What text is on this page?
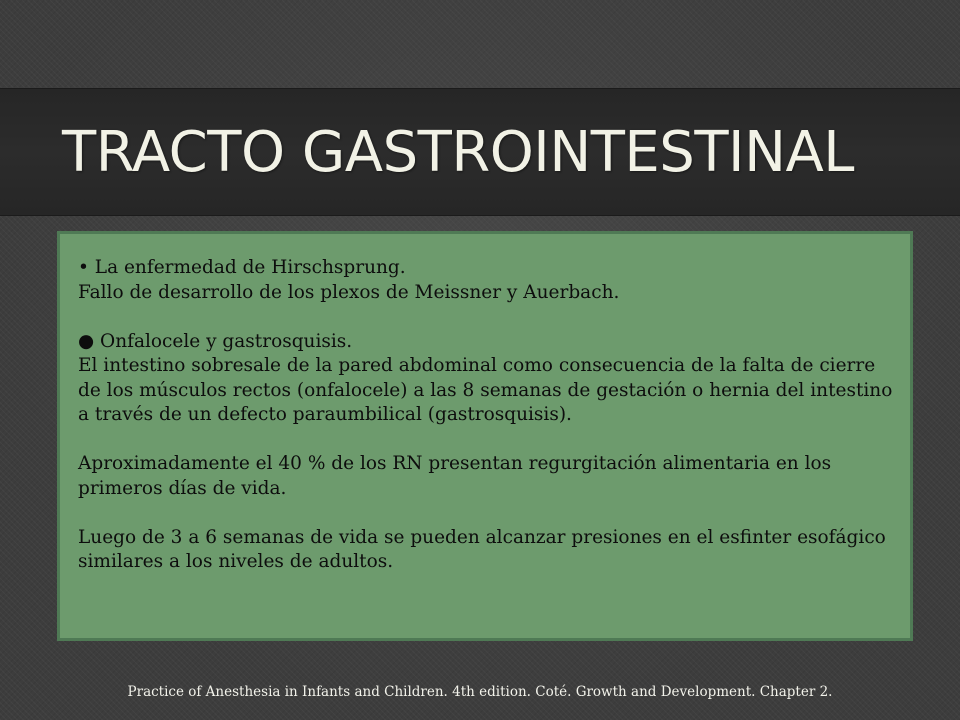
TRACTO GASTROINTESTINAL

• La enfermedad de Hirschsprung.

Fallo de desarrollo de los plexos de Meissner y Auerbach.

● Onfalocele y gastrosquisis.

El intestino sobresale de la pared abdominal como consecuencia de la falta de cierre de los músculos rectos (onfalocele) a las 8 semanas de gestación o hernia del intestino a través de un defecto paraumbilical (gastrosquisis).

Aproximadamente el 40 % de los RN presentan regurgitación alimentaria en los primeros días de vida.

Luego de 3 a 6 semanas de vida se pueden alcanzar presiones en el esfinter esofágico similares a los niveles de adultos.

Practice of Anesthesia in Infants and Children. 4th edition. Coté. Growth and Development. Chapter 2.
